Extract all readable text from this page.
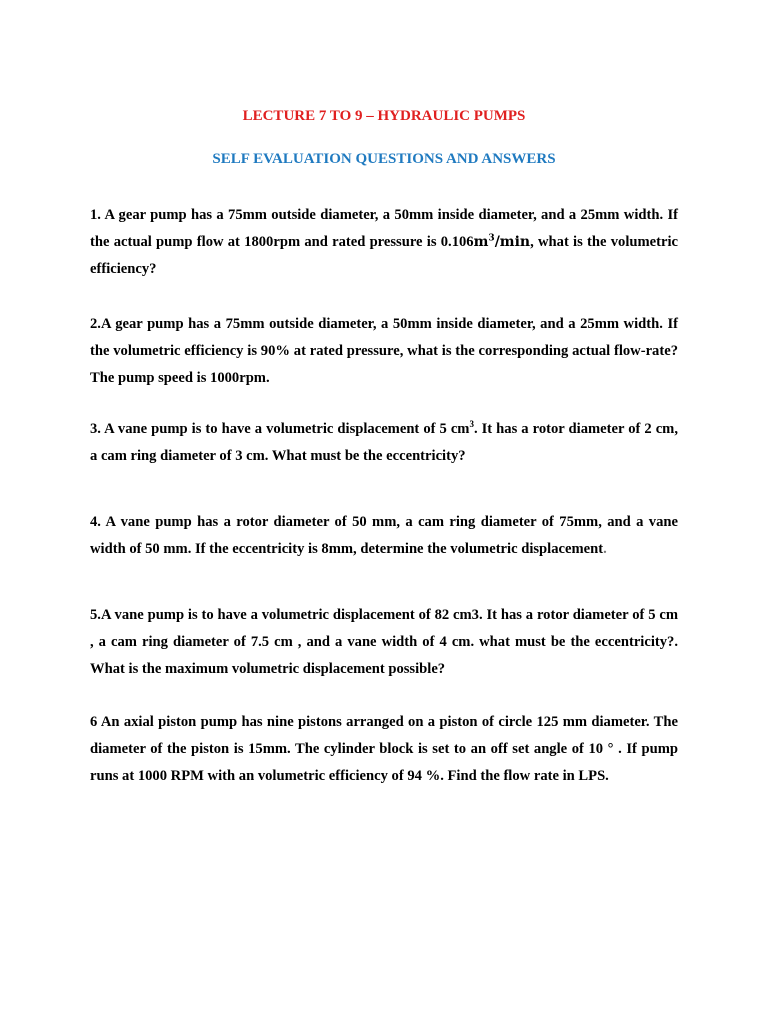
LECTURE 7 TO 9 – HYDRAULIC PUMPS
SELF EVALUATION QUESTIONS AND ANSWERS

1. A gear pump has a 75mm outside diameter, a 50mm inside diameter, and a 25mm width. If the actual pump flow at 1800rpm and rated pressure is $0.106m^3/\min$, what is the volumetric efficiency?

2.A gear pump has a 75mm outside diameter, a 50mm inside diameter, and a 25mm width. If the volumetric efficiency is 90% at rated pressure, what is the corresponding actual flow-rate? The pump speed is 1000rpm.

3. A vane pump is to have a volumetric displacement of 5 $cm^3$. It has a rotor diameter of 2 cm, a cam ring diameter of 3 cm. What must be the eccentricity?

4. A vane pump has a rotor diameter of 50 mm, a cam ring diameter of 75mm, and a vane width of 50 mm. If the eccentricity is 8mm, determine the volumetric displacement.

5.A vane pump is to have a volumetric displacement of 82 cm3. It has a rotor diameter of 5 cm , a cam ring diameter of 7.5 cm , and a vane width of 4 cm. what must be the eccentricity?. What is the maximum volumetric displacement possible?

6 An axial piston pump has nine pistons arranged on a piston of circle 125 mm diameter. The diameter of the piston is 15mm. The cylinder block is set to an off set angle of 10 ° . If pump runs at 1000 RPM with an volumetric efficiency of 94 %. Find the flow rate in LPS.
